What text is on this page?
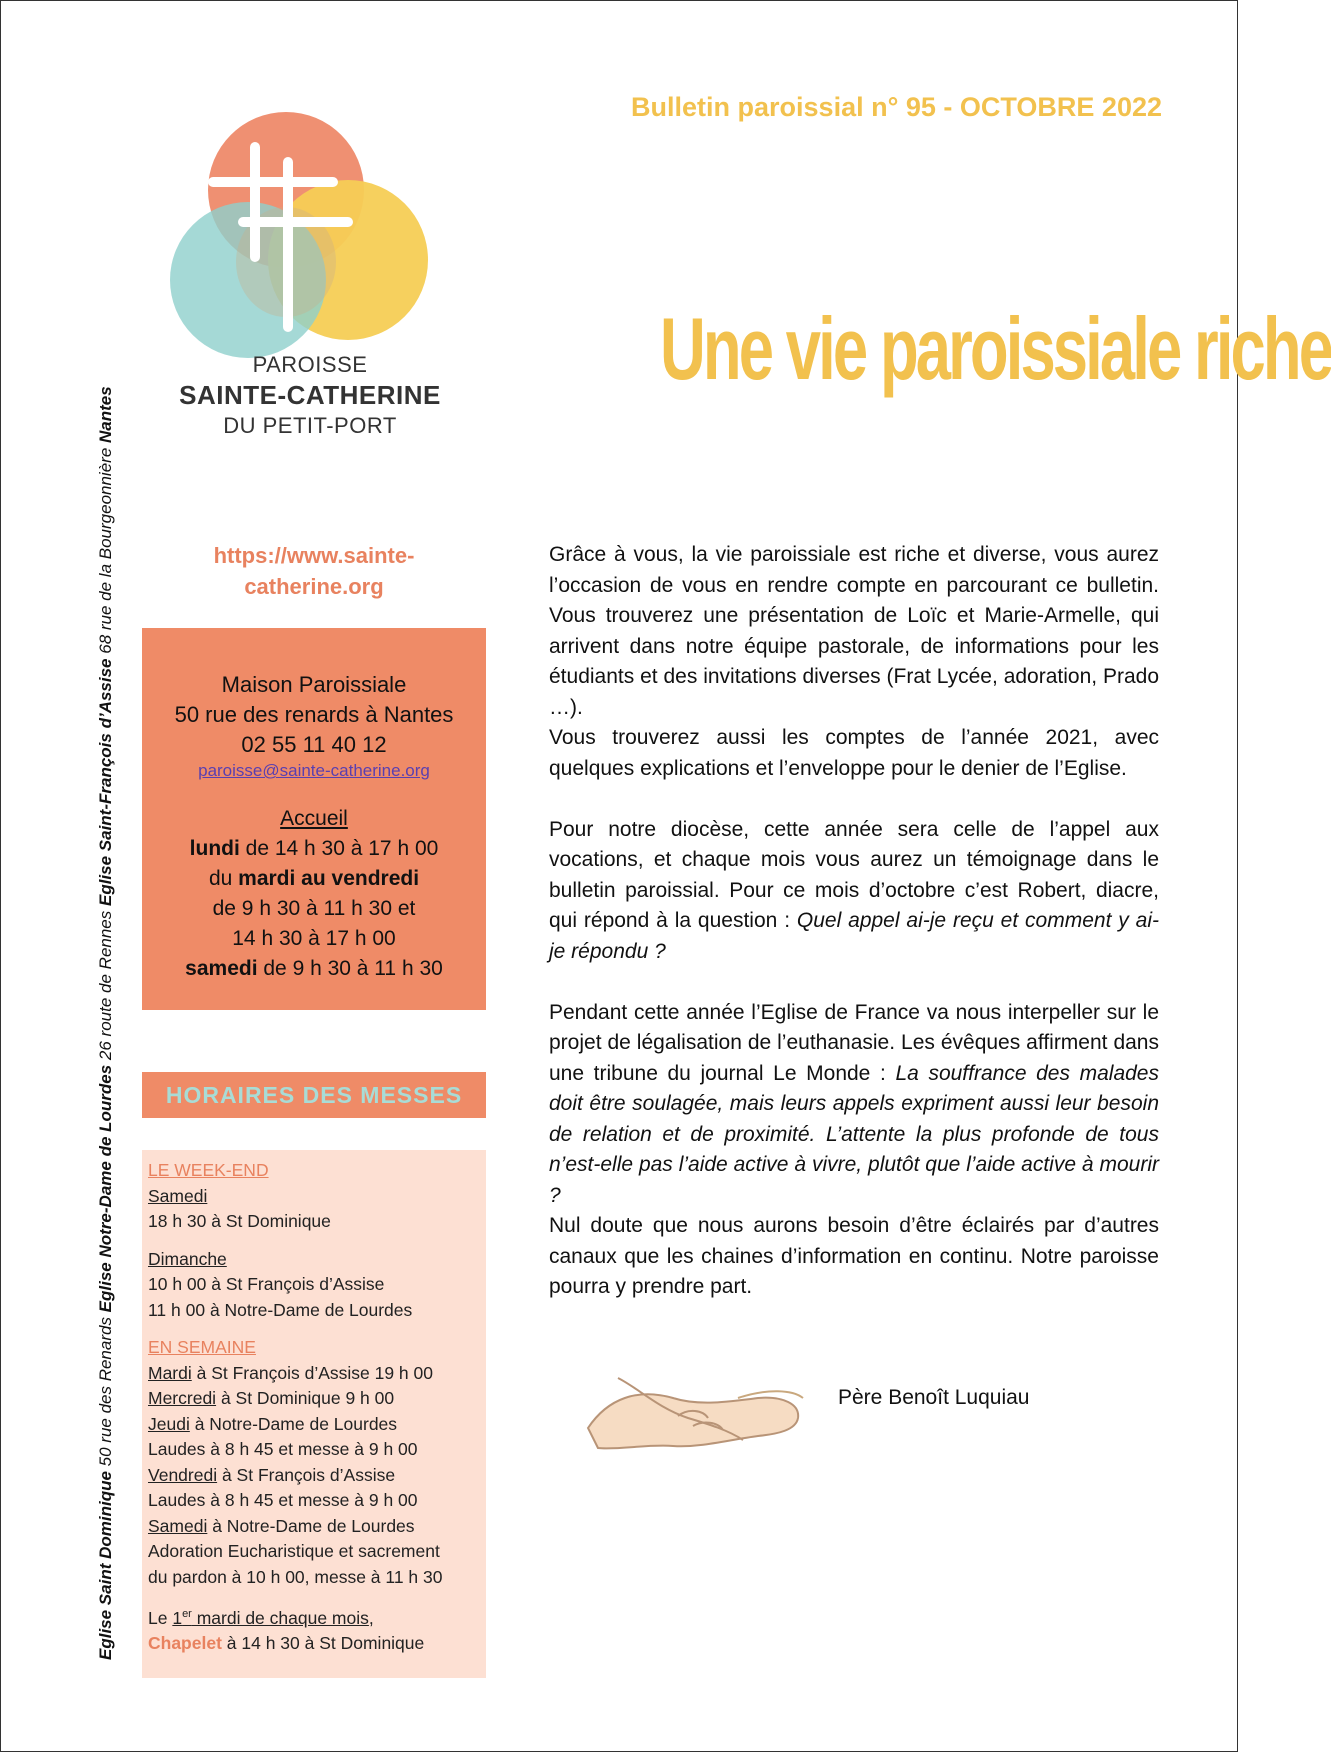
Eglise Saint Dominique 50 rue des Renards Eglise Notre-Dame de Lourdes 26 route de Rennes Eglise Saint-François d’Assise 68 rue de la Bourgeonnière Nantes
PAROISSE
SAINTE-CATHERINE
DU PETIT-PORT
Bulletin paroissial n° 95 - OCTOBRE 2022
Une vie paroissiale riche
https://www.sainte-
catherine.org
Maison Paroissiale
50 rue des renards à Nantes
02 55 11 40 12
paroisse@sainte-catherine.org
Accueil
lundi de 14 h 30 à 17 h 00
du mardi au vendredi
de 9 h 30 à 11 h 30 et
14 h 30 à 17 h 00
samedi de 9 h 30 à 11 h 30
HORAIRES DES MESSES
LE WEEK-END
Samedi
18 h 30 à St Dominique
Dimanche
10 h 00 à St François d’Assise
11 h 00 à Notre-Dame de Lourdes
EN SEMAINE
Mardi à St François d’Assise 19 h 00
Mercredi à St Dominique 9 h 00
Jeudi à Notre-Dame de Lourdes
Laudes à 8 h 45 et messe à 9 h 00
Vendredi à St François d’Assise
Laudes à 8 h 45 et messe à 9 h 00
Samedi à Notre-Dame de Lourdes
Adoration Eucharistique et sacrement
du pardon à 10 h 00, messe à 11 h 30
Le 1er mardi de chaque mois,
Chapelet à 14 h 30 à St Dominique

Grâce à vous, la vie paroissiale est riche et diverse, vous aurez l’occasion de vous en rendre compte en parcourant ce bulletin. Vous trouverez une présentation de Loïc et Marie-Armelle, qui arrivent dans notre équipe pastorale, de informations pour les étudiants et des invitations diverses (Frat Lycée, adoration, Prado …).

Vous trouverez aussi les comptes de l’année 2021, avec quelques explications et l’enveloppe pour le denier de l’Eglise.

Pour notre diocèse, cette année sera celle de l’appel aux vocations, et chaque mois vous aurez un témoignage dans le bulletin paroissial. Pour ce mois d’octobre c’est Robert, diacre, qui répond à la question : Quel appel ai-je reçu et comment y ai-je répondu ?

Pendant cette année l’Eglise de France va nous interpeller sur le projet de légalisation de l’euthanasie. Les évêques affirment dans une tribune du journal Le Monde : La souffrance des malades doit être soulagée, mais leurs appels expriment aussi leur besoin de relation et de proximité. L’attente la plus profonde de tous n’est-elle pas l’aide active à vivre, plutôt que l’aide active à mourir ?

Nul doute que nous aurons besoin d’être éclairés par d’autres canaux que les chaines d’information en continu. Notre paroisse pourra y prendre part.

Père Benoît Luquiau
